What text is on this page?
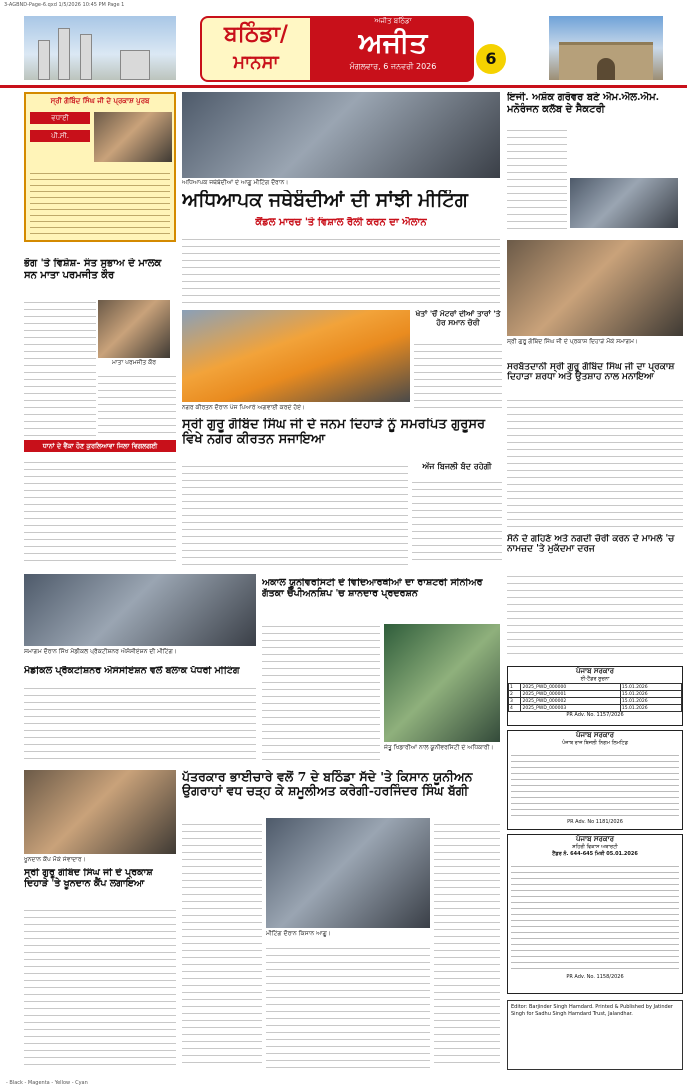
3-AGBND-Page-6.qxd 1/5/2026 10:45 PM Page 1
ਬਠਿੰਡਾ/
ਮਾਨਸਾ
ਅਜੀਤ ਬਠਿੰਡਾ
ਅਜੀਤ
ਮੰਗਲਵਾਰ, 6 ਜਨਵਰੀ 2026	6
ਸ੍ਰੀ ਗੋਬਿੰਦ ਸਿੰਘ ਜੀ ਦੇ ਪ੍ਰਕਾਸ਼ ਪੁਰਬ
ਵਧਾਈ
ਪੀ.ਸੀ.
ਅਧਿਆਪਕ ਜਥੇਬੰਦੀਆਂ ਦੇ ਆਗੂ ਮੀਟਿੰਗ ਦੌਰਾਨ।
ਅਧਿਆਪਕ ਜਥੇਬੰਦੀਆਂ ਦੀ ਸਾਂਝੀ ਮੀਟਿੰਗ
ਕੈਂਡਲ ਮਾਰਚ 'ਤੇ ਵਿਸ਼ਾਲ ਰੈਲੀ ਕਰਨ ਦਾ ਐਲਾਨ
ਇਜੀ. ਅਸ਼ੋਕ ਗਰੋਵਰ ਬਣੇ ਐਮ.ਐਲ.ਐਮ. ਮਨੋਰੰਜਨ ਕਲੱਬ ਦੇ ਸੈਕਟਰੀ
ਸ੍ਰੀ ਗੁਰੂ ਗੋਬਿੰਦ ਸਿੰਘ ਜੀ ਦੇ ਪ੍ਰਕਾਸ਼ ਦਿਹਾੜੇ ਮੌਕੇ ਸਮਾਗਮ।
ਭੋਗ 'ਤੇ ਵਿਸ਼ੇਸ਼- ਸੰਤ ਸੁਭਾਅ ਦੇ ਮਾਲਕ ਸਨ ਮਾਤਾ ਪਰਮਜੀਤ ਕੌਰ
ਮਾਤਾ ਪਰਮਜੀਤ ਕੌਰ
ਨਗਰ ਕੀਰਤਨ ਦੌਰਾਨ ਪੰਜ ਪਿਆਰੇ ਅਗਵਾਈ ਕਰਦੇ ਹੋਏ।
ਖੇਤਾਂ 'ਚੋਂ ਮੋਟਰਾਂ ਦੀਆਂ ਤਾਰਾਂ 'ਤੇ ਹੋਰ ਸਮਾਨ ਚੋਰੀ
ਸ੍ਰੀ ਗੁਰੂ ਗੋਬਿੰਦ ਸਿੰਘ ਜੀ ਦੇ ਜਨਮ ਦਿਹਾੜੇ ਨੂੰ ਸਮਰਪਿਤ ਗੁਰੂਸਰ ਵਿਖੇ ਨਗਰ ਕੀਰਤਨ ਸਜਾਇਆ
ਅੱਜ ਬਿਜਲੀ ਬੰਦ ਰਹੇਗੀ
ਧਾਨਾਂ ਦੇ ਵੈਂਕਾ ਹੋਣ ਕੁਰਲਿਆਵਾ ਜਿਲਾ ਵਿਗਲਗਈ
ਸਰਬੱਤਦਾਨੀ ਸ੍ਰੀ ਗੁਰੂ ਗੋਬਿੰਦ ਸਿੰਘ ਜੀ ਦਾ ਪ੍ਰਕਾਸ਼ ਦਿਹਾੜਾ ਸ਼ਰਧਾ ਅਤੇ ਉਤਸ਼ਾਹ ਨਾਲ ਮਨਾਇਆ
ਸੋਨੇ ਦੇ ਗਹਿਣੇ ਅਤੇ ਨਗਦੀ ਚੋਰੀ ਕਰਨ ਦੇ ਮਾਮਲੇ 'ਚ ਨਾਮਜ਼ਦ 'ਤੇ ਮੁਕੱਦਮਾ ਦਰਜ
ਸਮਾਗਮ ਦੌਰਾਨ ਸਿੱਖ ਮੈਡੀਕਲ ਪ੍ਰੈਕਟੀਸ਼ਨਰ ਐਸੋਸੀਏਸ਼ਨ ਦੀ ਮੀਟਿੰਗ।
ਮੈਡੀਕਲ ਪ੍ਰੈਕਟੀਸ਼ਨਰ ਐਸੋਸੀਏਸ਼ਨ ਵਲੋਂ ਬਲਾਕ ਪੱਧਰੀ ਮੀਟਿੰਗ
ਅਕਾਲ ਯੂਨੀਵਰਸਿਟੀ ਦੇ ਵਿਦਿਆਰਥੀਆਂ ਦਾ ਰਾਸ਼ਟਰੀ ਸੀਨੀਅਰ ਗੱਤਕਾ ਚੈਂਪੀਅਨਸ਼ਿਪ 'ਚ ਸ਼ਾਨਦਾਰ ਪ੍ਰਦਰਸ਼ਨ
ਜੇਤੂ ਖਿਡਾਰੀਆਂ ਨਾਲ ਯੂਨੀਵਰਸਿਟੀ ਦੇ ਅਧਿਕਾਰੀ।
ਪੰਜਾਬ ਸਰਕਾਰ
ਈ-ਟੈਂਡਰ ਸੂਚਨਾ
1	2025_PWD_000000	15.01.2026
2	2025_PWD_000001	15.01.2026
3	2025_PWD_000002	15.01.2026
4	2025_PWD_000003	15.01.2026
PR Adv. No. 1157/2026
ਪੰਜਾਬ ਸਰਕਾਰ
ਪੰਜਾਬ ਰਾਜ ਬਿਜਲੀ ਨਿਗਮ ਲਿਮਟਿਡ
PR Adv. No 1181/2026
ਪੱਤਰਕਾਰ ਭਾਈਚਾਰੇ ਵਲੋਂ 7 ਦੇ ਬਠਿੰਡਾ ਸੱਦੇ 'ਤੇ ਕਿਸਾਨ ਯੂਨੀਅਨ ਉਗਰਾਹਾਂ ਵਧ ਚੜ੍ਹ ਕੇ ਸ਼ਮੂਲੀਅਤ ਕਰੇਗੀ-ਹਰਜਿੰਦਰ ਸਿੰਘ ਬੱਗੀ
ਮੀਟਿੰਗ ਦੌਰਾਨ ਕਿਸਾਨ ਆਗੂ।
ਖੂਨਦਾਨ ਕੈਂਪ ਮੌਕੇ ਸੇਵਾਦਾਰ।
ਸ੍ਰੀ ਗੁਰੂ ਗੋਬਿੰਦ ਸਿੰਘ ਜੀ ਦੇ ਪ੍ਰਕਾਸ਼ ਦਿਹਾੜੇ 'ਤੇ ਖੂਨਦਾਨ ਕੈਂਪ ਲਗਾਇਆ
ਪੰਜਾਬ ਸਰਕਾਰ
ਸ਼ਹਿਰੀ ਵਿਕਾਸ ਅਥਾਰਟੀ
ਟੈਂਡਰ ਨੰ. 644-645 ਮਿਤੀ 05.01.2026
PR Adv. No. 1158/2026
Editor: Barjinder Singh Hamdard. Printed & Published by Jatinder Singh for Sadhu Singh Hamdard Trust, Jalandhar.
- Black - Magenta - Yellow - Cyan
